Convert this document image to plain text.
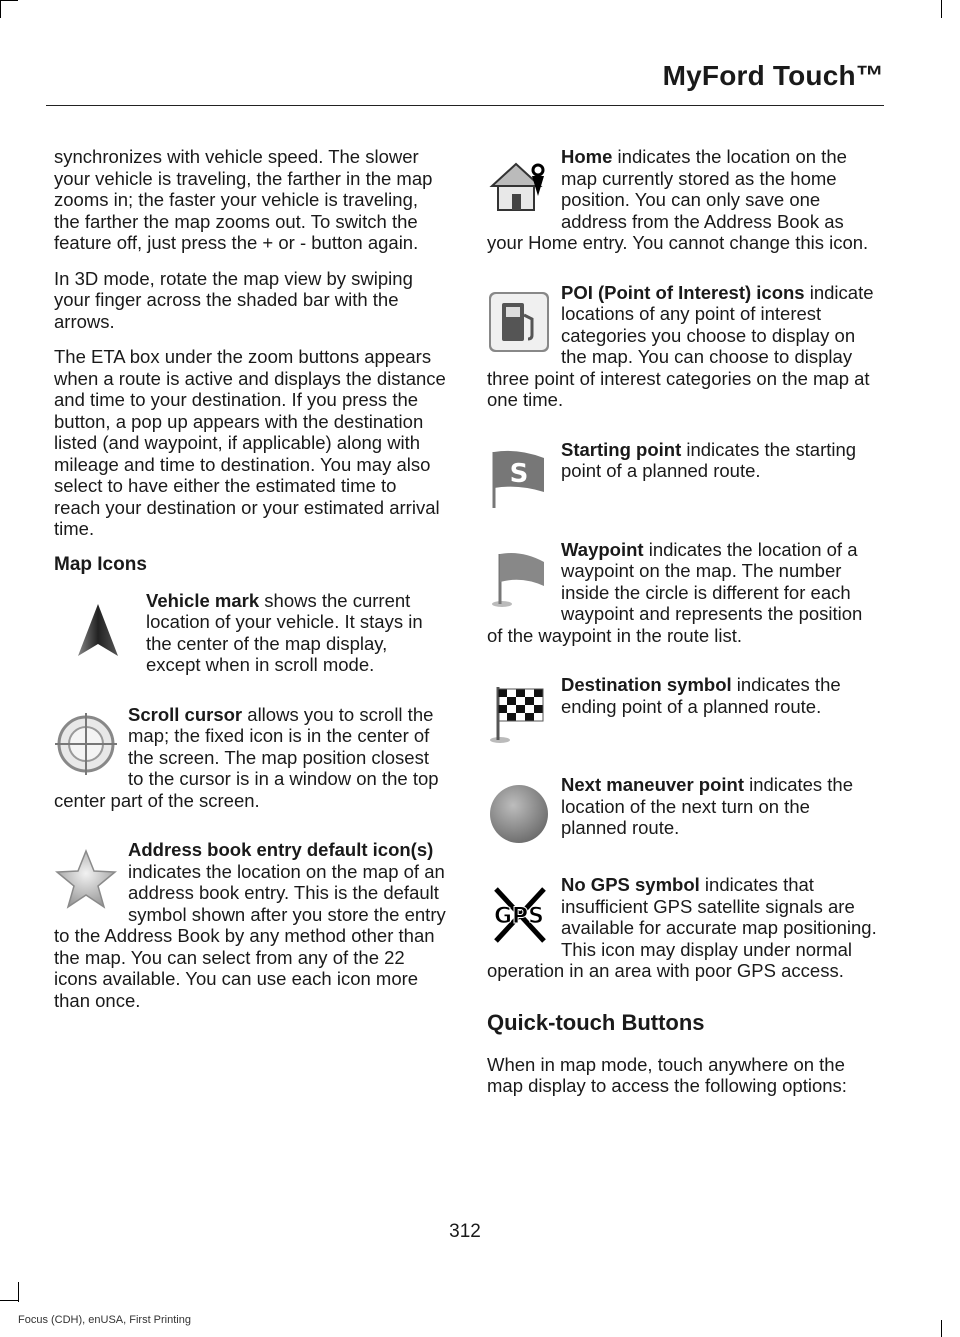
MyFord Touch™

synchronizes with vehicle speed. The slower your vehicle is traveling, the farther in the map zooms in; the faster your vehicle is traveling, the farther the map zooms out. To switch the feature off, just press the + or - button again.

In 3D mode, rotate the map view by swiping your finger across the shaded bar with the arrows.

The ETA box under the zoom buttons appears when a route is active and displays the distance and time to your destination. If you press the button, a pop up appears with the destination listed (and waypoint, if applicable) along with mileage and time to destination. You may also select to have either the estimated time to reach your destination or your estimated arrival time.

Map Icons

Vehicle mark shows the current location of your vehicle. It stays in the center of the map display, except when in scroll mode.

Scroll cursor allows you to scroll the map; the fixed icon is in the center of the screen. The map position closest to the cursor is in a window on the top center part of the screen.

Address book entry default icon(s) indicates the location on the map of an address book entry. This is the default symbol shown after you store the entry to the Address Book by any method other than the map. You can select from any of the 22 icons available. You can use each icon more than once.

Home indicates the location on the map currently stored as the home position. You can only save one address from the Address Book as your Home entry. You cannot change this icon.

POI (Point of Interest) icons indicate locations of any point of interest categories you choose to display on the map. You can choose to display three point of interest categories on the map at one time.

S

Starting point indicates the starting point of a planned route.

Waypoint indicates the location of a waypoint on the map. The number inside the circle is different for each waypoint and represents the position of the waypoint in the route list.

Destination symbol indicates the ending point of a planned route.

Next maneuver point indicates the location of the next turn on the planned route.

GPS

No GPS symbol indicates that insufficient GPS satellite signals are available for accurate map positioning. This icon may display under normal operation in an area with poor GPS access.

Quick-touch Buttons

When in map mode, touch anywhere on the map display to access the following options:

312
Focus (CDH), enUSA, First Printing
